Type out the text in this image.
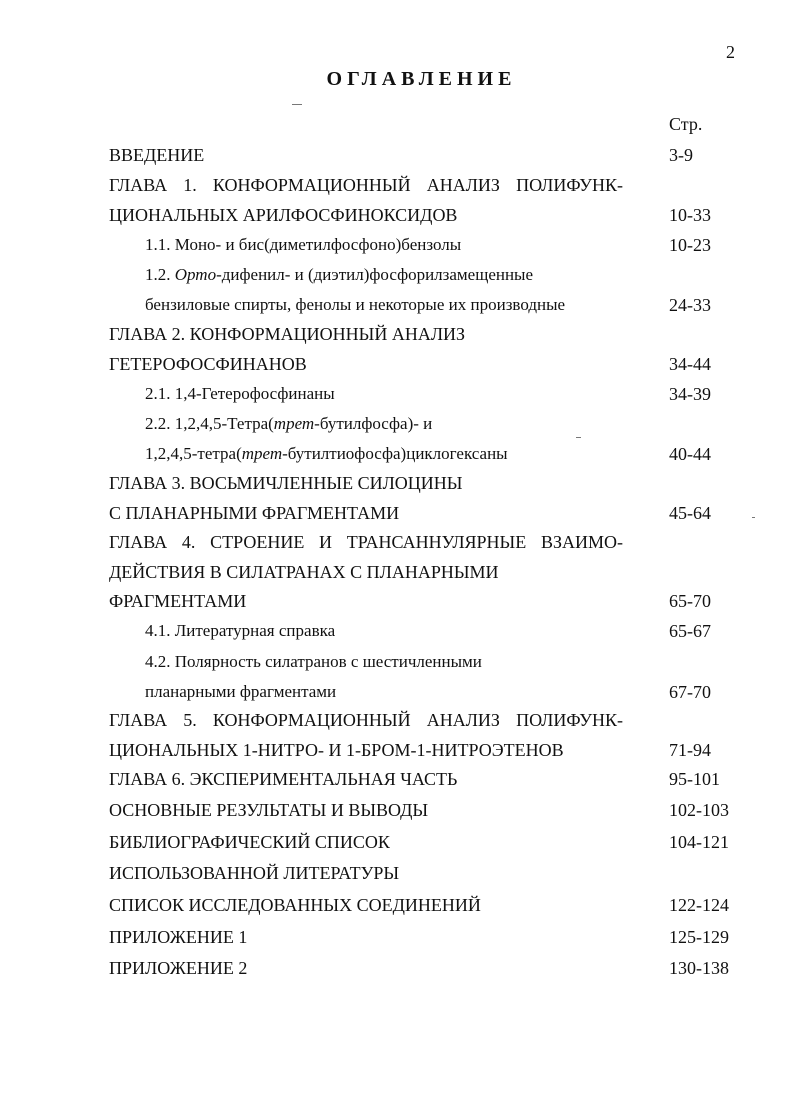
2
ОГЛАВЛЕНИЕ
Стр.
ВВЕДЕНИЕ	3-9
ГЛАВА 1. КОНФОРМАЦИОННЫЙ АНАЛИЗ ПОЛИФУНК-
ЦИОНАЛЬНЫХ АРИЛФОСФИНОКСИДОВ	10-33
1.1. Моно- и бис(диметилфосфоно)бензолы	10-23
1.2. Орто-дифенил- и (диэтил)фосфорилзамещенные
бензиловые спирты, фенолы и некоторые их производные	24-33
ГЛАВА 2. КОНФОРМАЦИОННЫЙ АНАЛИЗ
ГЕТЕРОФОСФИНАНОВ	34-44
2.1. 1,4-Гетерофосфинаны	34-39
2.2. 1,2,4,5-Тетра(трет-бутилфосфа)- и
1,2,4,5-тетра(трет-бутилтиофосфа)циклогексаны	40-44
ГЛАВА 3. ВОСЬМИЧЛЕННЫЕ СИЛОЦИНЫ
С ПЛАНАРНЫМИ ФРАГМЕНТАМИ	45-64
ГЛАВА 4. СТРОЕНИЕ И ТРАНСАННУЛЯРНЫЕ ВЗАИМО-
ДЕЙСТВИЯ В СИЛАТРАНАХ С ПЛАНАРНЫМИ
ФРАГМЕНТАМИ	65-70
4.1. Литературная справка	65-67
4.2. Полярность силатранов с шестичленными
планарными фрагментами	67-70
ГЛАВА 5. КОНФОРМАЦИОННЫЙ АНАЛИЗ ПОЛИФУНК-
ЦИОНАЛЬНЫХ 1-НИТРО- И 1-БРОМ-1-НИТРОЭТЕНОВ	71-94
ГЛАВА 6. ЭКСПЕРИМЕНТАЛЬНАЯ ЧАСТЬ	95-101
ОСНОВНЫЕ РЕЗУЛЬТАТЫ И ВЫВОДЫ	102-103
БИБЛИОГРАФИЧЕСКИЙ СПИСОК	104-121
ИСПОЛЬЗОВАННОЙ ЛИТЕРАТУРЫ
СПИСОК ИССЛЕДОВАННЫХ СОЕДИНЕНИЙ	122-124
ПРИЛОЖЕНИЕ 1	125-129
ПРИЛОЖЕНИЕ 2	130-138
